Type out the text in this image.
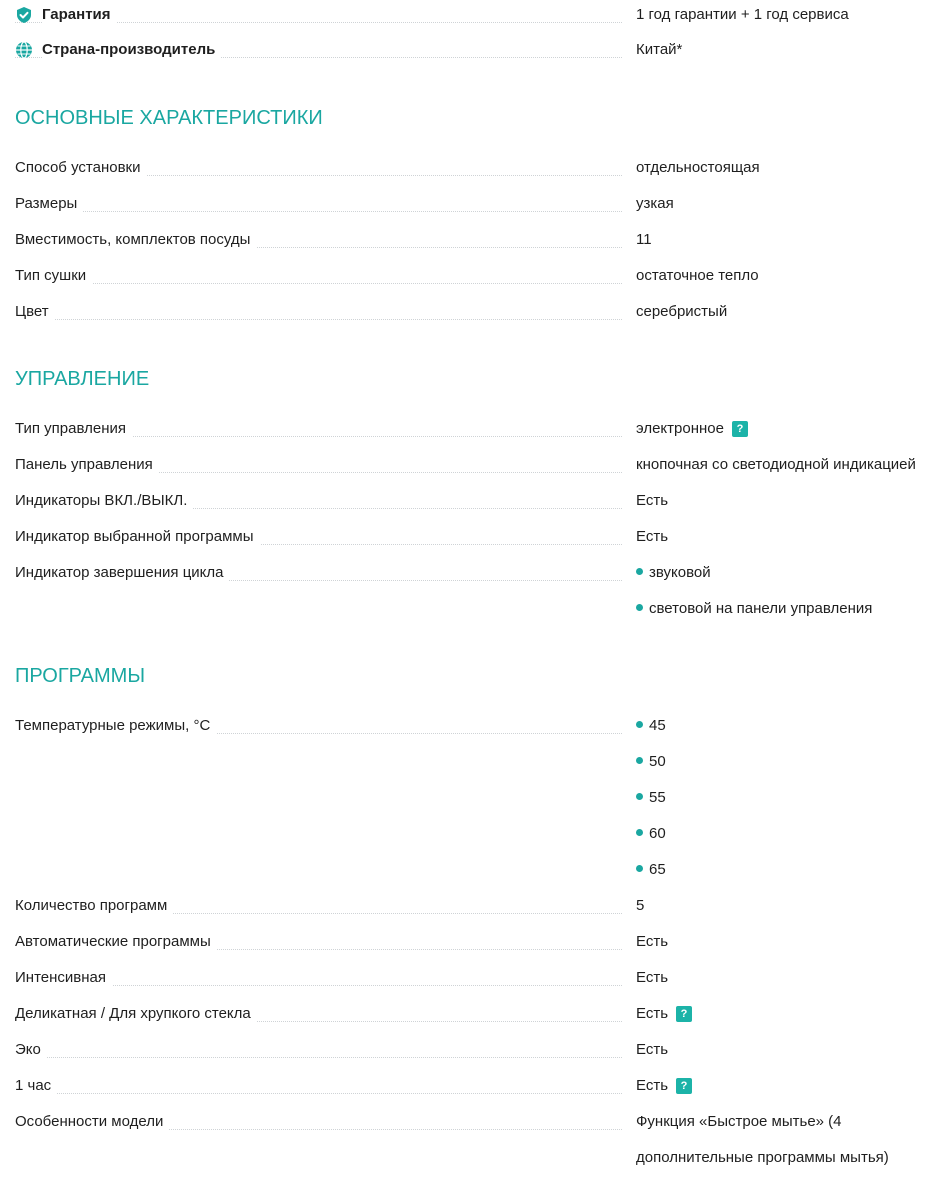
Гарантия	1 год гарантии + 1 год сервиса
Страна-производитель	Китай*
ОСНОВНЫЕ ХАРАКТЕРИСТИКИ
Способ установки	отдельностоящая
Размеры	узкая
Вместимость, комплектов посуды	11
Тип сушки	остаточное тепло
Цвет	серебристый
УПРАВЛЕНИЕ
Тип управления	электронное ?
Панель управления	кнопочная со светодиодной индикацией
Индикаторы ВКЛ./ВЫКЛ.	Есть
Индикатор выбранной программы	Есть
Индикатор завершения цикла	звуковой
световой на панели управления
ПРОГРАММЫ
Температурные режимы, °C	45
50
55
60
65
Количество программ	5
Автоматические программы	Есть
Интенсивная	Есть
Деликатная / Для хрупкого стекла	Есть ?
Эко	Есть
1 час	Есть ?
Особенности модели	Функция «Быстрое мытье» (4
дополнительные программы мытья)
